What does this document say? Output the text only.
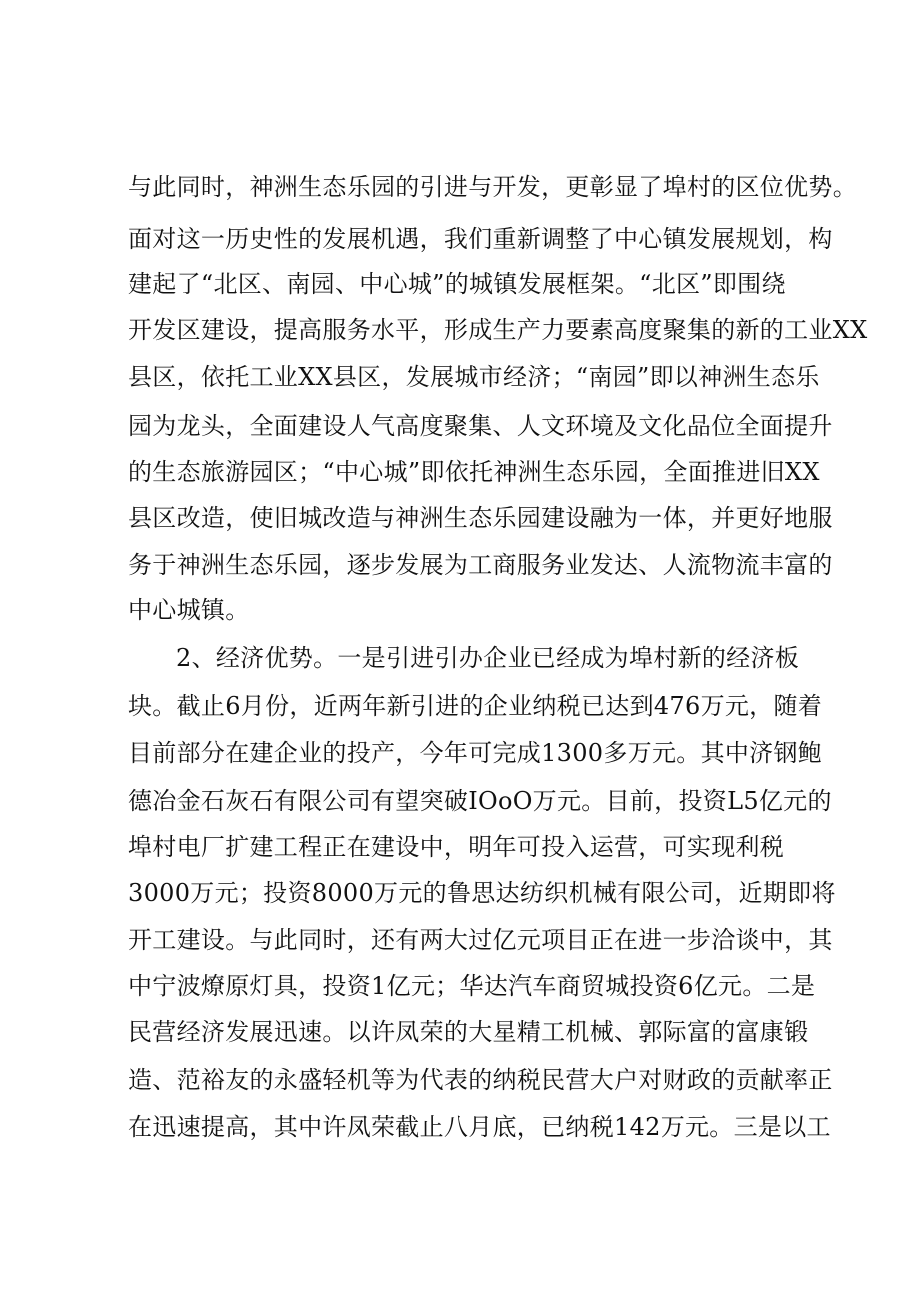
与此同时，神洲生态乐园的引进与开发，更彰显了埠村的区位优势。
面对这一历史性的发展机遇，我们重新调整了中心镇发展规划，构
建起了“北区、南园、中心城”的城镇发展框架。“北区”即围绕
开发区建设，提高服务水平，形成生产力要素高度聚集的新的工业XX
县区，依托工业XX县区，发展城市经济；“南园”即以神洲生态乐
园为龙头，全面建设人气高度聚集、人文环境及文化品位全面提升
的生态旅游园区；“中心城”即依托神洲生态乐园，全面推进旧XX
县区改造，使旧城改造与神洲生态乐园建设融为一体，并更好地服
务于神洲生态乐园，逐步发展为工商服务业发达、人流物流丰富的
中心城镇。
2、经济优势。一是引进引办企业已经成为埠村新的经济板
块。截止6月份，近两年新引进的企业纳税已达到476万元，随着
目前部分在建企业的投产，今年可完成1300多万元。其中济钢鲍
德冶金石灰石有限公司有望突破IOoO万元。目前，投资L5亿元的
埠村电厂扩建工程正在建设中，明年可投入运营，可实现利税
3000万元；投资8000万元的鲁思达纺织机械有限公司，近期即将
开工建设。与此同时，还有两大过亿元项目正在进一步洽谈中，其
中宁波燎原灯具，投资1亿元；华达汽车商贸城投资6亿元。二是
民营经济发展迅速。以许凤荣的大星精工机械、郭际富的富康锻
造、范裕友的永盛轻机等为代表的纳税民营大户对财政的贡献率正
在迅速提高，其中许凤荣截止八月底，已纳税142万元。三是以工
